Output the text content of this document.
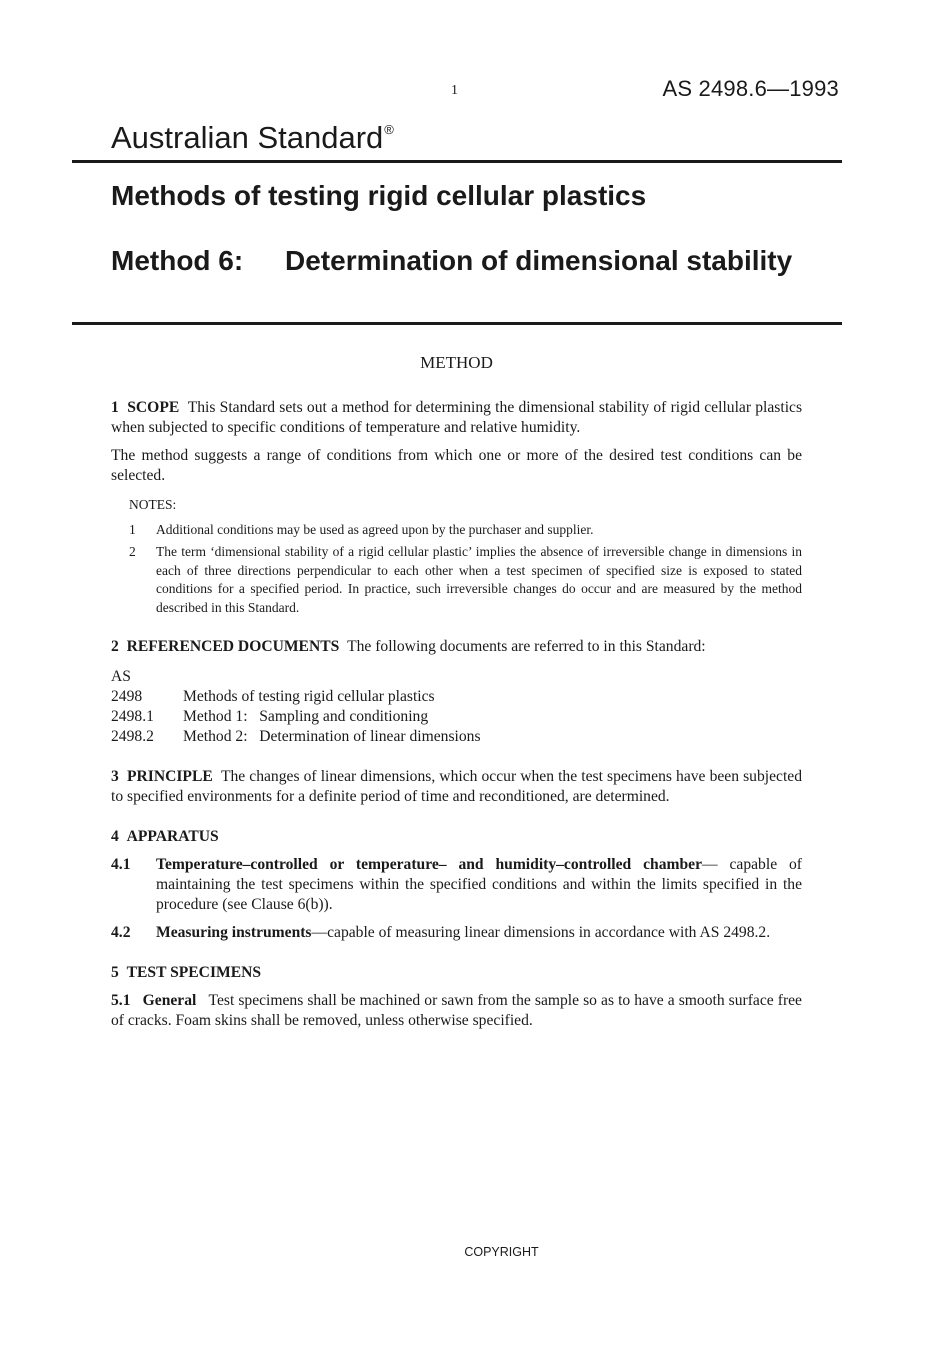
1	AS 2498.6—1993
Australian Standard®
Methods of testing rigid cellular plastics
Method 6: Determination of dimensional stability
METHOD

1 SCOPE This Standard sets out a method for determining the dimensional stability of rigid cellular plastics when subjected to specific conditions of temperature and relative humidity.

The method suggests a range of conditions from which one or more of the desired test conditions can be selected.

NOTES:
1	Additional conditions may be used as agreed upon by the purchaser and supplier.
2	The term ‘dimensional stability of a rigid cellular plastic’ implies the absence of irreversible change in dimensions in each of three directions perpendicular to each other when a test specimen of specified size is exposed to stated conditions for a specified period. In practice, such irreversible changes do occur and are measured by the method described in this Standard.

2 REFERENCED DOCUMENTS The following documents are referred to in this Standard:

AS
2498	Methods of testing rigid cellular plastics
2498.1	Method 1:   Sampling and conditioning
2498.2	Method 2:   Determination of linear dimensions

3 PRINCIPLE The changes of linear dimensions, which occur when the test specimens have been subjected to specified environments for a definite period of time and reconditioned, are determined.

4 APPARATUS

4.1	Temperature–controlled or temperature– and humidity–controlled chamber— capable of maintaining the test specimens within the specified conditions and within the limits specified in the procedure (see Clause 6(b)).
4.2	Measuring instruments—capable of measuring linear dimensions in accordance with AS 2498.2.

5 TEST SPECIMENS

5.1 General Test specimens shall be machined or sawn from the sample so as to have a smooth surface free of cracks. Foam skins shall be removed, unless otherwise specified.

COPYRIGHT
